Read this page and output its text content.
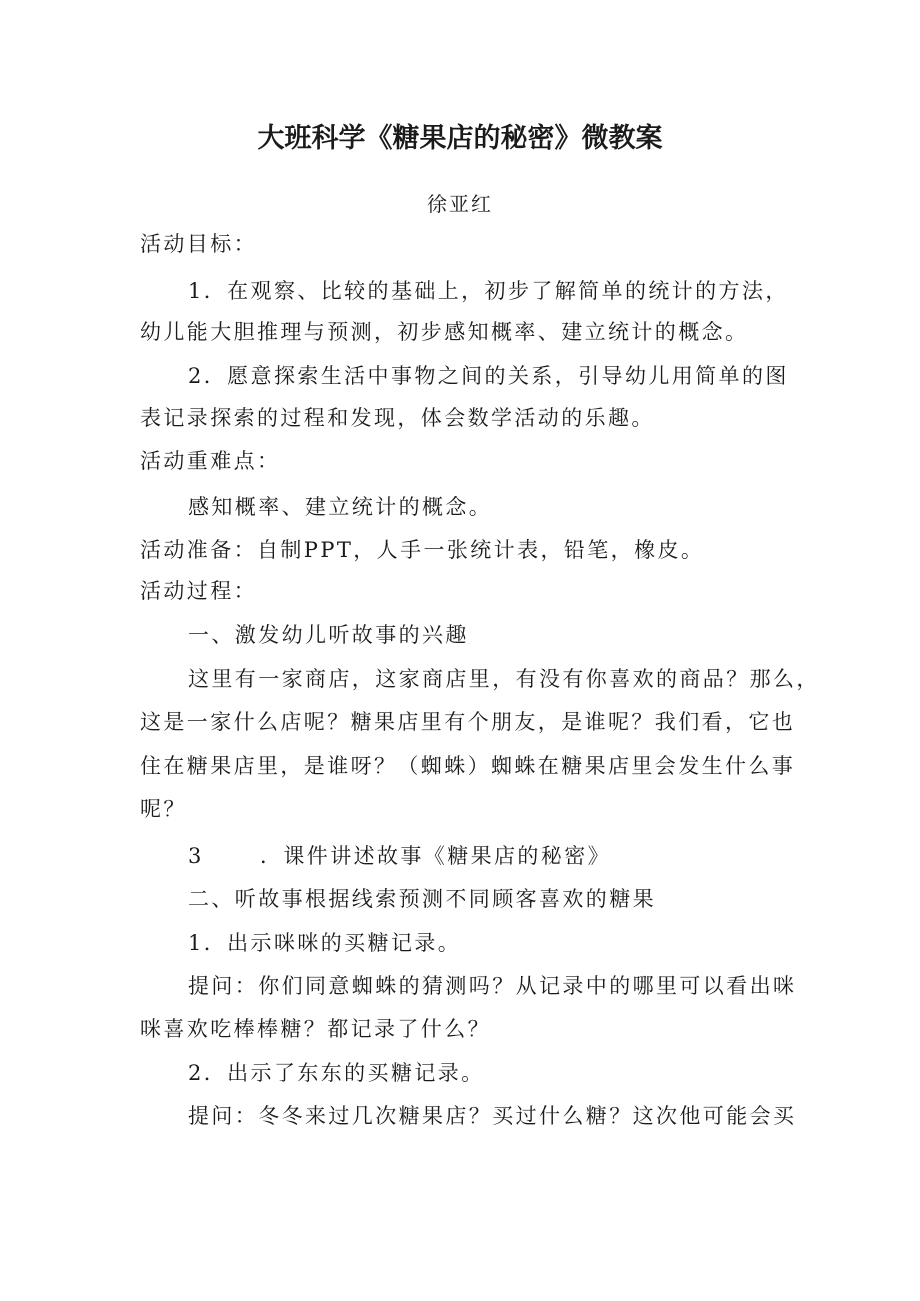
大班科学《糖果店的秘密》微教案
徐亚红
活动目标：
1．在观察、比较的基础上，初步了解简单的统计的方法，
幼儿能大胆推理与预测，初步感知概率、建立统计的概念。
2．愿意探索生活中事物之间的关系，引导幼儿用简单的图
表记录探索的过程和发现，体会数学活动的乐趣。
活动重难点：
感知概率、建立统计的概念。
活动准备：自制PPT，人手一张统计表，铅笔，橡皮。
活动过程：
一、激发幼儿听故事的兴趣
这里有一家商店，这家商店里，有没有你喜欢的商品？那么，
这是一家什么店呢？糖果店里有个朋友，是谁呢？我们看，它也
住在糖果店里，是谁呀？（蜘蛛）蜘蛛在糖果店里会发生什么事
呢？
3	．课件讲述故事《糖果店的秘密》
二、听故事根据线索预测不同顾客喜欢的糖果
1．出示咪咪的买糖记录。
提问：你们同意蜘蛛的猜测吗？从记录中的哪里可以看出咪
咪喜欢吃棒棒糖？都记录了什么？
2．出示了东东的买糖记录。
提问：冬冬来过几次糖果店？买过什么糖？这次他可能会买
